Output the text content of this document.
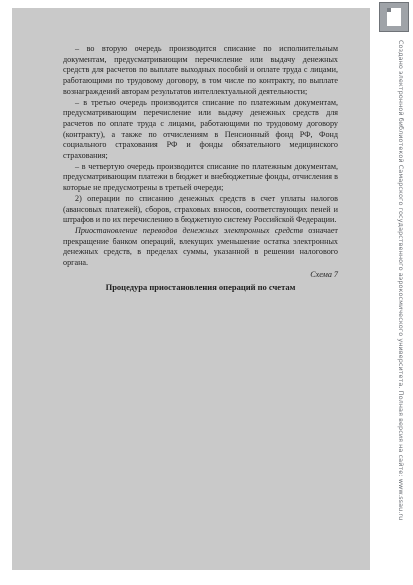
Создано электронной библиотекой Самарского государственного аэрокосмического университета. Полная версия на сайте: www.ssau.ru

– во вторую очередь производится списание по исполнительным документам, предусматривающим перечисление или выдачу денежных средств для расчетов по выплате выходных пособий и оплате труда с лицами, работающими по трудовому договору, в том числе по контракту, по выплате вознаграждений авторам результатов интеллектуальной деятельности;

– в третью очередь производится списание по платежным документам, предусматривающим перечисление или выдачу денежных средств для расчетов по оплате труда с лицами, работающими по трудовому договору (контракту), а также по отчислениям в Пенсионный фонд РФ, Фонд социального страхования РФ и фонды обязательного медицинского страхования;

– в четвертую очередь производится списание по платежным документам, предусматривающим платежи в бюджет и внебюджетные фонды, отчисления в которые не предусмотрены в третьей очереди;

2) операции по списанию денежных средств в счет уплаты налогов (авансовых платежей), сборов, страховых взносов, соответствующих пеней и штрафов и по их перечислению в бюджетную систему Российской Федерации.

Приостановление переводов денежных электронных средств означает прекращение банком операций, влекущих уменьшение остатка электронных денежных средств, в пределах суммы, указанной в решении налогового органа.

Схема 7

Процедура приостановления операций по счетам
